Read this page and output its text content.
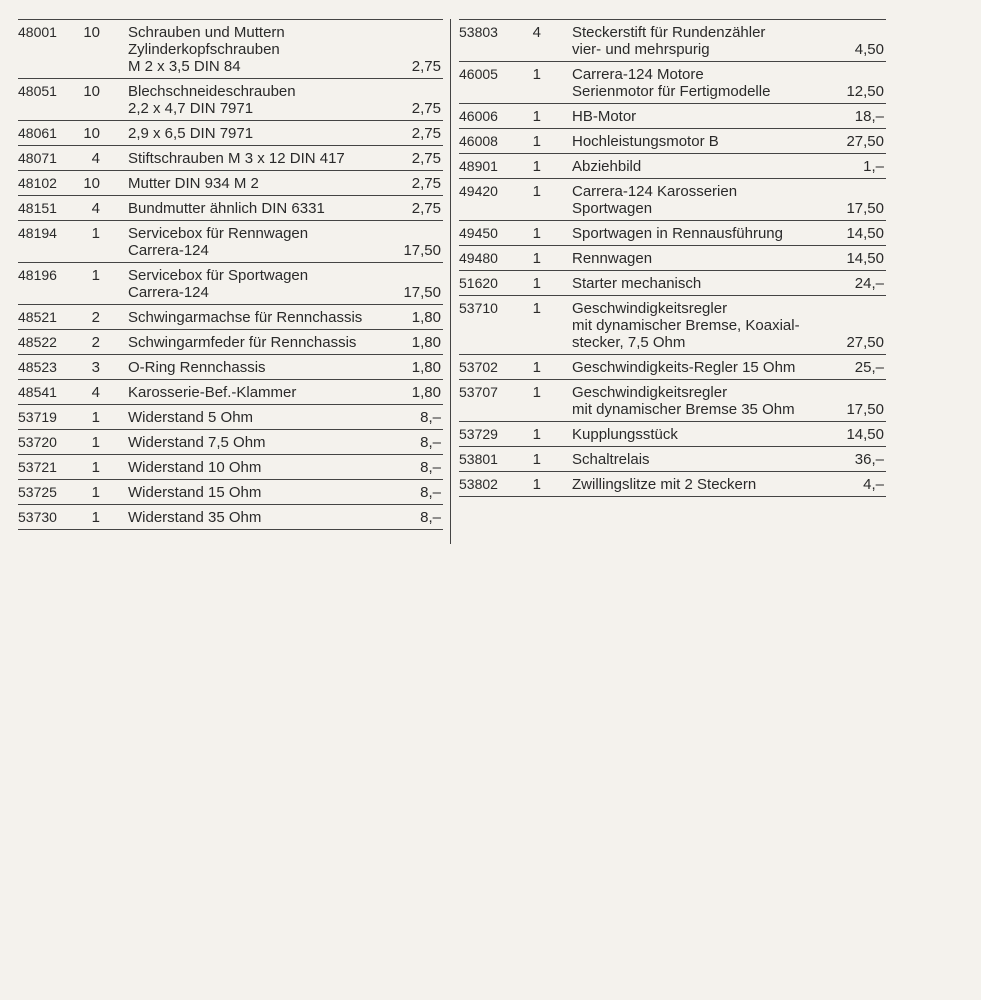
48001	10 Schrauben und Muttern
Zylinderkopfschrauben
M 2 x 3,5 DIN 84	2,75
48051	10 Blechschneideschrauben
2,2 x 4,7 DIN 7971	2,75
48061	10 2,9 x 6,5 DIN 7971	2,75
48071	4 Stiftschrauben M 3 x 12 DIN 417	2,75
48102	10 Mutter DIN 934 M 2	2,75
48151	4 Bundmutter ähnlich DIN 6331	2,75
48194	1 Servicebox für Rennwagen
Carrera-124	17,50
48196	1 Servicebox für Sportwagen
Carrera-124	17,50
48521	2 Schwingarmachse für Rennchassis	1,80
48522	2 Schwingarmfeder für Rennchassis	1,80
48523	3 O-Ring Rennchassis	1,80
48541	4 Karosserie-Bef.-Klammer	1,80
53719	1 Widerstand 5 Ohm	8,–
53720	1 Widerstand 7,5 Ohm	8,–
53721	1 Widerstand 10 Ohm	8,–
53725	1 Widerstand 15 Ohm	8,–
53730	1 Widerstand 35 Ohm	8,–
53803	4 Steckerstift für Rundenzähler
vier- und mehrspurig	4,50
46005	1 Carrera-124 Motore
Serienmotor für Fertigmodelle	12,50
46006	1 HB-Motor	18,–
46008	1 Hochleistungsmotor B	27,50
48901	1 Abziehbild	1,–
49420	1 Carrera-124 Karosserien
Sportwagen	17,50
49450	1 Sportwagen in Rennausführung	14,50
49480	1 Rennwagen	14,50
51620	1 Starter mechanisch	24,–
53710	1 Geschwindigkeitsregler
mit dynamischer Bremse, Koaxial-
stecker, 7,5 Ohm	27,50
53702	1 Geschwindigkeits-Regler 15 Ohm	25,–
53707	1 Geschwindigkeitsregler
mit dynamischer Bremse 35 Ohm	17,50
53729	1 Kupplungsstück	14,50
53801	1 Schaltrelais	36,–
53802	1 Zwillingslitze mit 2 Steckern	4,–
